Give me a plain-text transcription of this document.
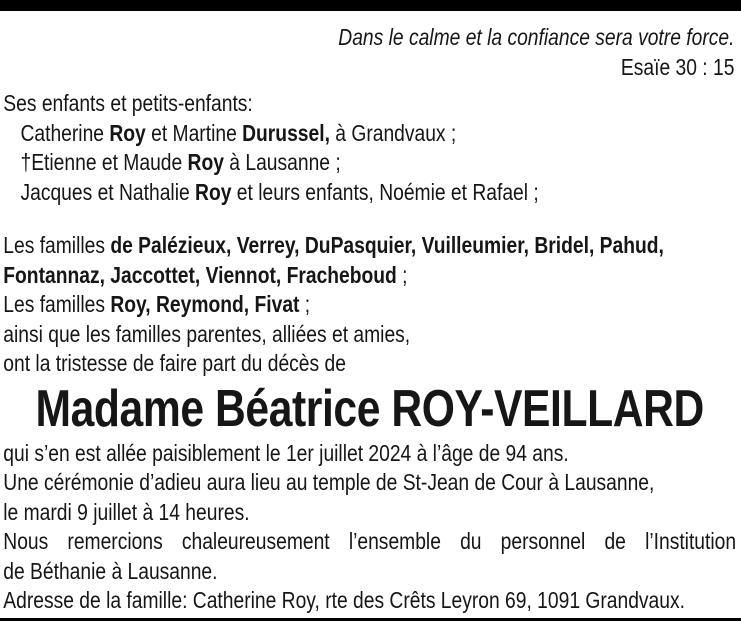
Dans le calme et la confiance sera votre force.
Esaïe 30 : 15
Ses enfants et petits-enfants:
Catherine Roy et Martine Durussel, à Grandvaux ;
†Etienne et Maude Roy à Lausanne ;
Jacques et Nathalie Roy et leurs enfants, Noémie et Rafael ;
Les familles de Palézieux, Verrey, DuPasquier, Vuilleumier, Bridel, Pahud,
Fontannaz, Jaccottet, Viennot, Fracheboud ;
Les familles Roy, Reymond, Fivat ;
ainsi que les familles parentes, alliées et amies,
ont la tristesse de faire part du décès de
Madame Béatrice ROY-VEILLARD
qui s’en est allée paisiblement le 1er juillet 2024 à l’âge de 94 ans.
Une cérémonie d’adieu aura lieu au temple de St-Jean de Cour à Lausanne,
le mardi 9 juillet à 14 heures.
Nous remercions chaleureusement l’ensemble du personnel de l’Institution
de Béthanie à Lausanne.
Adresse de la famille: Catherine Roy, rte des Crêts Leyron 69, 1091 Grandvaux.
